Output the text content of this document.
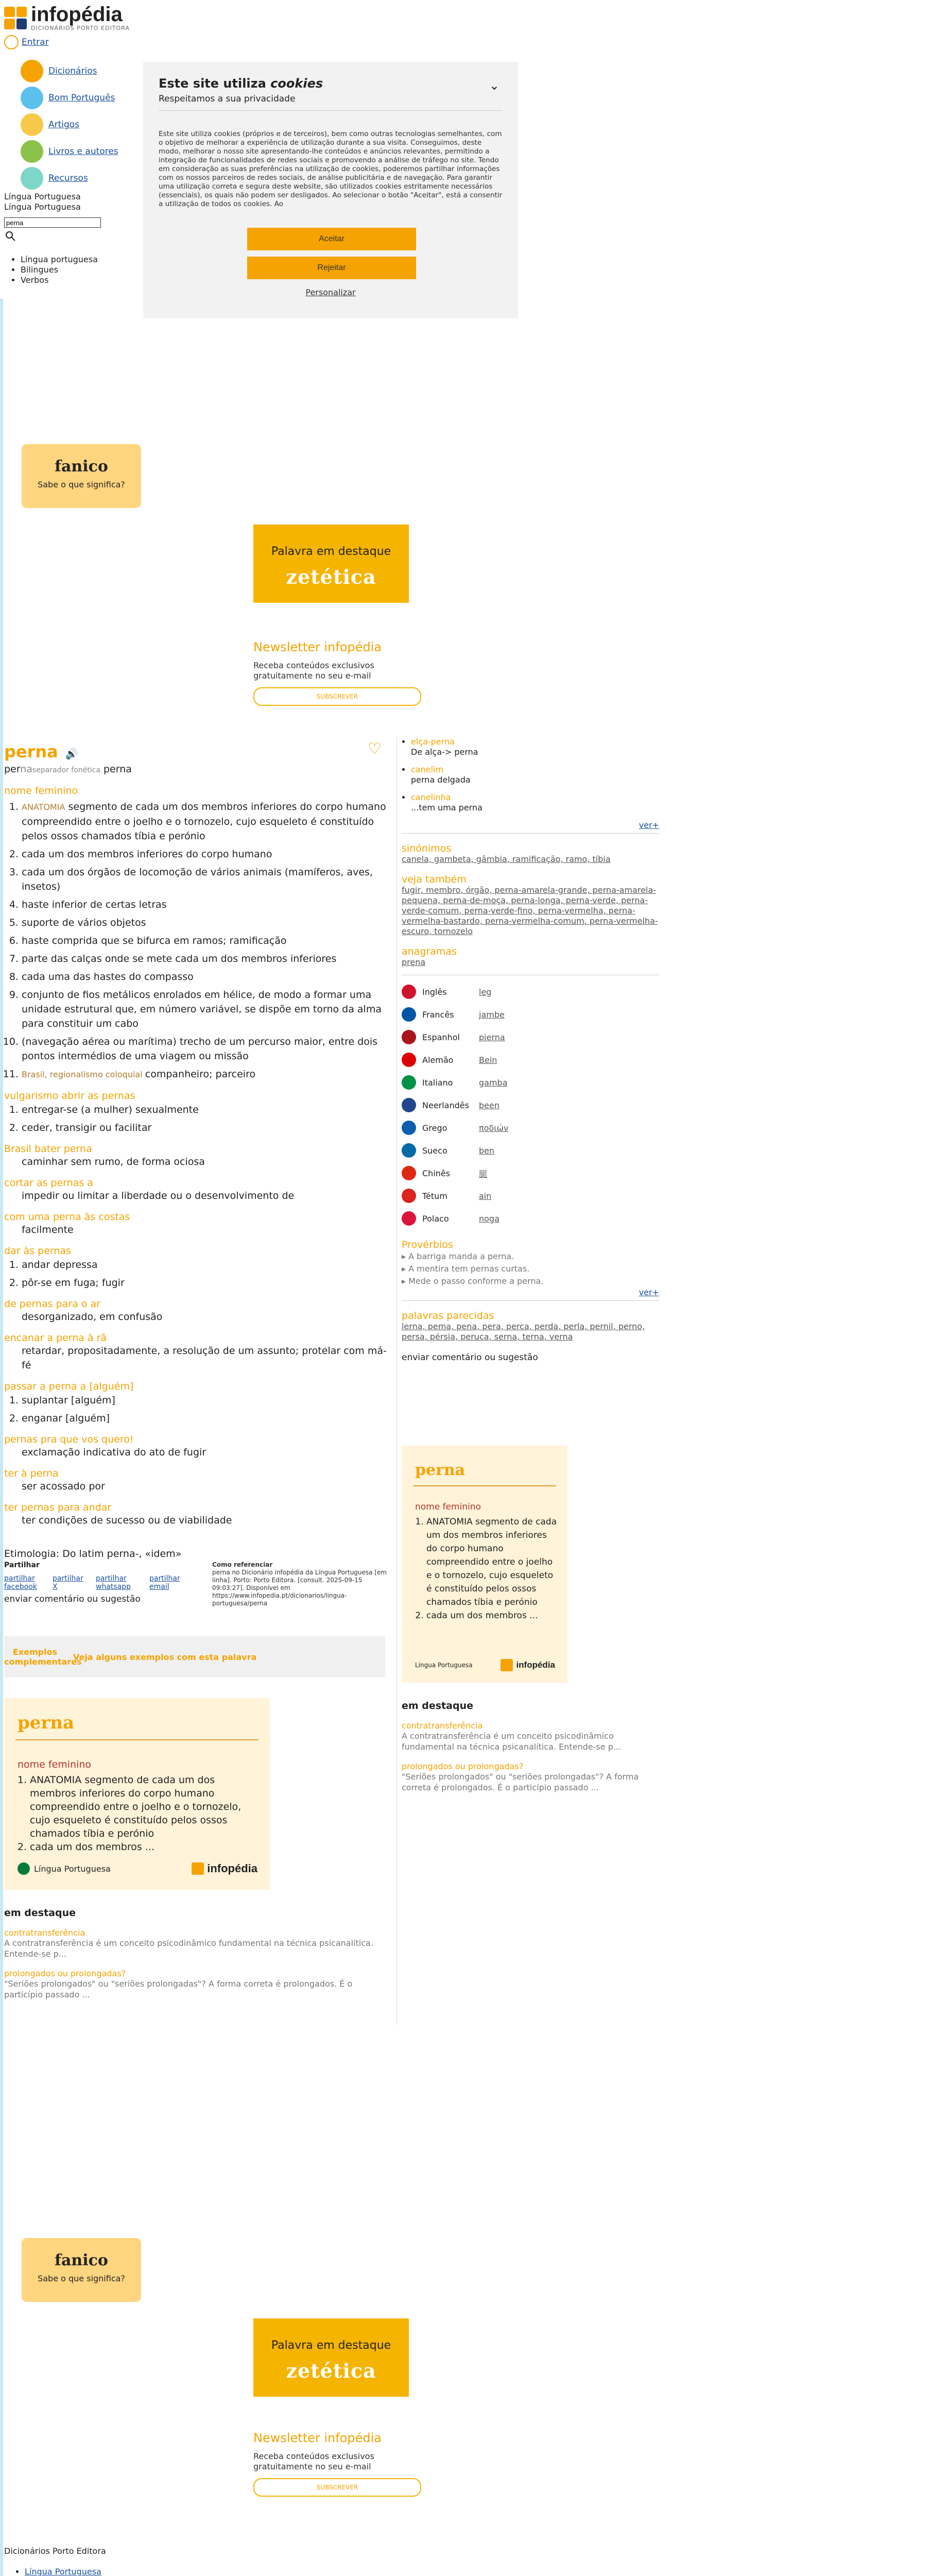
infopédia
DICIONÁRIOS PORTO EDITORA
Entrar
Dicionários
Bom Português
Artigos
Livros e autores
Recursos
Língua Portuguesa
Língua Portuguesa
perna
• Língua portuguesa
• Bilingues
• Verbos
Este site utiliza cookies
Respeitamos a sua privacidade
⌄
Este site utiliza cookies (próprios e de terceiros), bem como outras tecnologias semelhantes, com o objetivo de melhorar a experiência de utilização durante a sua visita. Conseguimos, deste modo, melhorar o nosso site apresentando-lhe conteúdos e anúncios relevantes, permitindo a integração de funcionalidades de redes sociais e promovendo a análise de tráfego no site. Tendo em consideração as suas preferências na utilização de cookies, poderemos partilhar informações com os nossos parceiros de redes sociais, de análise publicitária e de navegação. Para garantir uma utilização correta e segura deste website, são utilizados cookies estritamente necessários (essenciais), os quais não podem ser desligados. Ao selecionar o botão "Aceitar", está a consentir a utilização de todos os cookies. Ao
Aceitar
Rejeitar
Personalizar
fanico
Sabe o que significa?
Palavra em destaque
zetética
Newsletter infopédia
Receba conteúdos exclusivos gratuitamente no seu e-mail
SUBSCREVER
perna 🔊	♡
pernaseparador fonética perna
nome feminino
1. ANATOMIA segmento de cada um dos membros inferiores do corpo humano compreendido entre o joelho e o tornozelo, cujo esqueleto é constituído pelos ossos chamados tíbia e perónio
2. cada um dos membros inferiores do corpo humano
3. cada um dos órgãos de locomoção de vários animais (mamíferos, aves, insetos)
4. haste inferior de certas letras
5. suporte de vários objetos
6. haste comprida que se bifurca em ramos; ramificação
7. parte das calças onde se mete cada um dos membros inferiores
8. cada uma das hastes do compasso
9. conjunto de fios metálicos enrolados em hélice, de modo a formar uma unidade estrutural que, em número variável, se dispõe em torno da alma para constituir um cabo
10. (navegação aérea ou marítima) trecho de um percurso maior, entre dois pontos intermédios de uma viagem ou missão
11. Brasil, regionalismo coloquial companheiro; parceiro
vulgarismo abrir as pernas
1. entregar-se (a mulher) sexualmente
2. ceder, transigir ou facilitar
Brasil bater perna
caminhar sem rumo, de forma ociosa
cortar as pernas a
impedir ou limitar a liberdade ou o desenvolvimento de
com uma perna às costas
facilmente
dar às pernas
1. andar depressa
2. pôr-se em fuga; fugir
de pernas para o ar
desorganizado, em confusão
encanar a perna à rã
retardar, propositadamente, a resolução de um assunto; protelar com má-fé
passar a perna a [alguém]
1. suplantar [alguém]
2. enganar [alguém]
pernas pra que vos quero!
exclamação indicativa do ato de fugir
ter à perna
ser acossado por
ter pernas para andar
ter condições de sucesso ou de viabilidade
Etimologia: Do latim perna-, «idem»
Partilhar
partilhar facebook
partilhar X
partilhar whatsapp
partilhar email
enviar comentário ou sugestão
Como referenciar
perna no Dicionário infopédia da Língua Portuguesa [em linha]. Porto: Porto Editora. [consult. 2025-09-15 09:03:27]. Disponível em https://www.infopedia.pt/dicionarios/lingua-portuguesa/perna
Exemplos complementares
Veja alguns exemplos com esta palavra
perna
nome feminino
1. ANATOMIA segmento de cada um dos membros inferiores do corpo humano compreendido entre o joelho e o tornozelo, cujo esqueleto é constituído pelos ossos chamados tíbia e perónio
2. cada um dos membros ...
Língua Portuguesa	infopédia
em destaque
contratransferência
A contratransferência é um conceito psicodinâmico fundamental na técnica psicanalítica. Entende-se p...
prolongados ou prolongadas?
"Seriões prolongados" ou "seriões prolongadas"? A forma correta é prolongados. É o particípio passado ...
• elça-perna
De alça-> perna
• canelim
perna delgada
• canelinha
...tem uma perna
ver+
sinónimos
canela, gambeta, gâmbia, ramificação, ramo, tíbia
veja também
fugir, membro, órgão, perna-amarela-grande, perna-amarela-pequena, perna-de-moça, perna-longa, perna-verde, perna-verde-comum, perna-verde-fino, perna-vermelha, perna-vermelha-bastardo, perna-vermelha-comum, perna-vermelha-escuro, tornozelo
anagramas
prena
Inglês	leg
Francês	jambe
Espanhol	pierna
Alemão	Bein
Italiano	gamba
Neerlandês	been
Grego	ποδιών
Sueco	ben
Chinês	腿
Tétum	ain
Polaco	noga
Provérbios
▸ A barriga manda a perna.
▸ A mentira tem pernas curtas.
▸ Mede o passo conforme a perna.
ver+
palavras parecidas
lerna, pema, pena, pera, perca, perda, perla, pernil, perno, persa, pérsia, peruca, serna, terna, verna
enviar comentário ou sugestão
perna
nome feminino
1. ANATOMIA segmento de cada um dos membros inferiores do corpo humano compreendido entre o joelho e o tornozelo, cujo esqueleto é constituído pelos ossos chamados tíbia e perónio
2. cada um dos membros ...
Língua Portuguesa	infopédia
em destaque
contratransferência
A contratransferência é um conceito psicodinâmico fundamental na técnica psicanalítica. Entende-se p...
prolongados ou prolongadas?
"Seriões prolongados" ou "seriões prolongadas"? A forma correta é prolongados. É o particípio passado ...
fanico
Sabe o que significa?
Palavra em destaque
zetética
Newsletter infopédia
Receba conteúdos exclusivos gratuitamente no seu e-mail
SUBSCREVER
Dicionários Porto Editora
• Língua Portuguesa
